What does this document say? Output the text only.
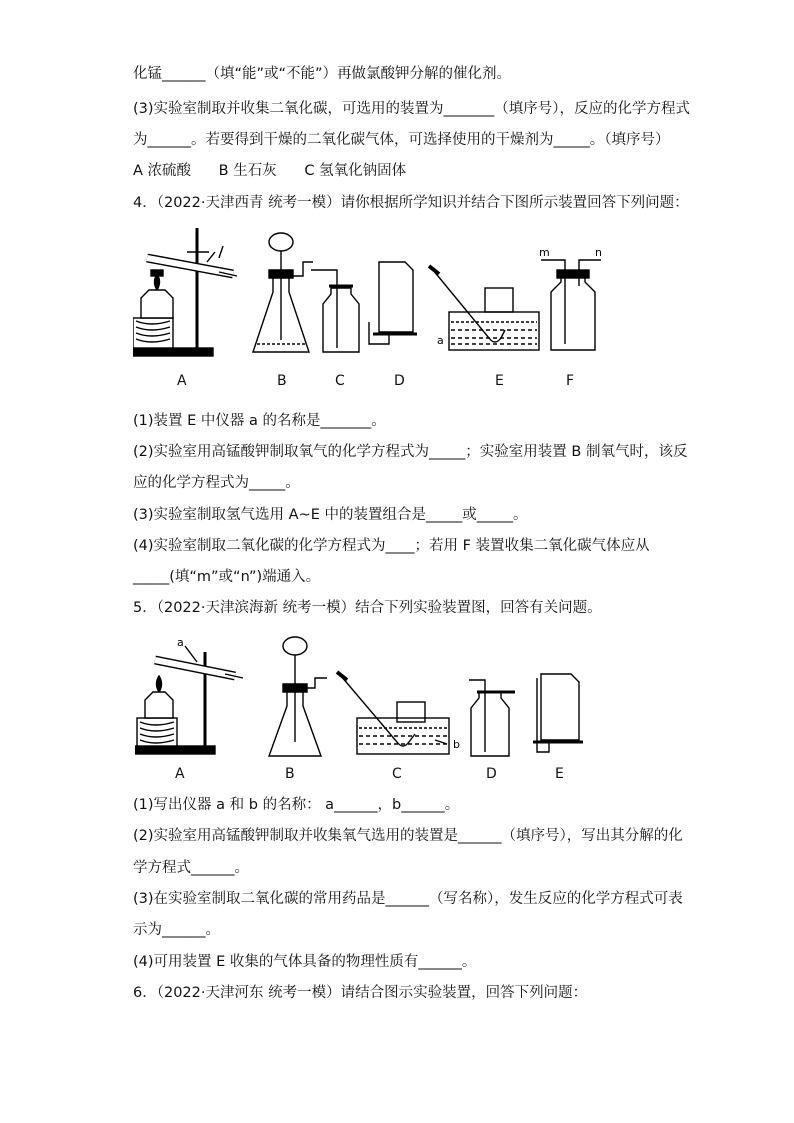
化锰______（填“能”或“不能”）再做氯酸钾分解的催化剂。
(3)实验室制取并收集二氧化碳，可选用的装置为_______（填序号），反应的化学方程式
为______。若要得到干燥的二氧化碳气体，可选择使用的干燥剂为_____。（填序号）
A 浓硫酸      B 生石灰      C 氢氧化钠固体
4．（2022·天津西青 统考一模）请你根据所学知识并结合下图所示装置回答下列问题：
a
m	n
A	B	C	D	E	F
(1)装置 E 中仪器 a 的名称是_______。
(2)实验室用高锰酸钾制取氧气的化学方程式为_____；实验室用装置 B 制氧气时，该反
应的化学方程式为_____。
(3)实验室制取氢气选用 A~E 中的装置组合是_____或_____。
(4)实验室制取二氧化碳的化学方程式为____；若用 F 装置收集二氧化碳气体应从
_____(填“m”或“n”)端通入。
5．（2022·天津滨海新 统考一模）结合下列实验装置图，回答有关问题。
a
b
A	B	C	D	E
(1)写出仪器 a 和 b 的名称： a______，b______。
(2)实验室用高锰酸钾制取并收集氧气选用的装置是______（填序号），写出其分解的化
学方程式______。
(3)在实验室制取二氧化碳的常用药品是______（写名称），发生反应的化学方程式可表
示为______。
(4)可用装置 E 收集的气体具备的物理性质有______。
6．（2022·天津河东 统考一模）请结合图示实验装置，回答下列问题：
